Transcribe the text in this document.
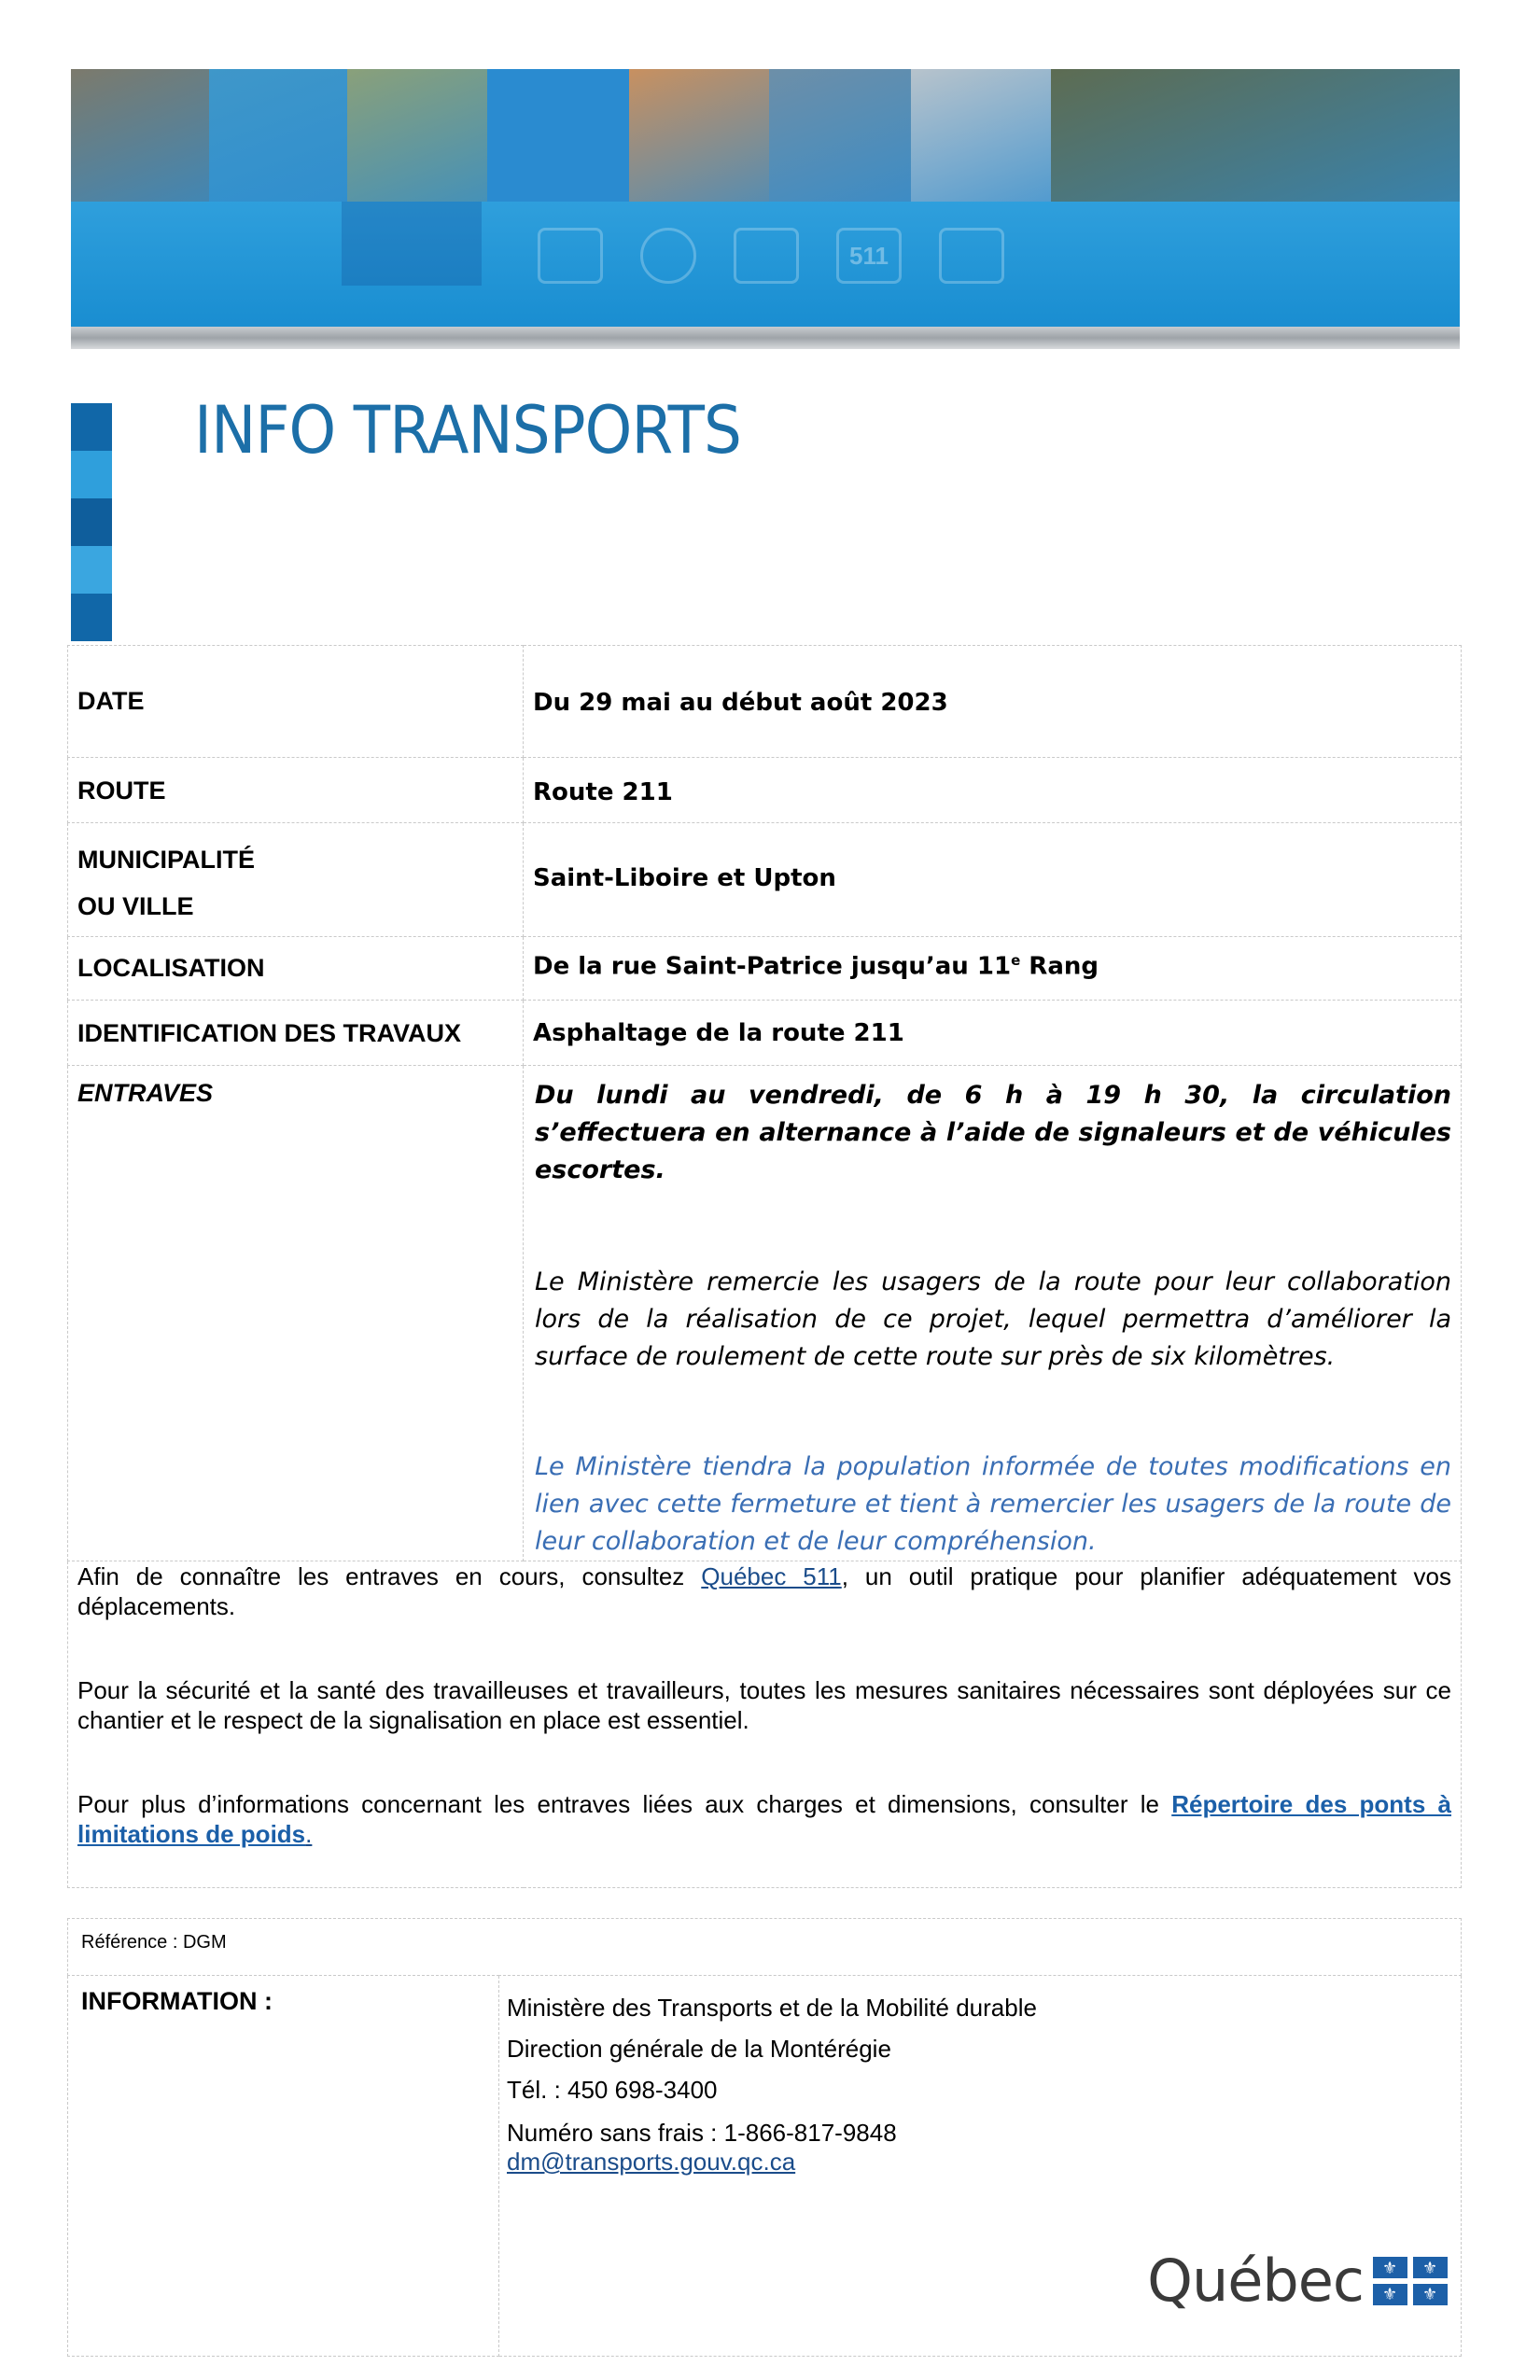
511
INFO TRANSPORTS
DATE	Du 29 mai au début août 2023
ROUTE	Route 211

MUNICIPALITÉ
OU VILLE	Saint-Liboire et Upton
LOCALISATION	De la rue Saint-Patrice jusqu’au 11e Rang
IDENTIFICATION DES TRAVAUX	Asphaltage de la route 211
ENTRAVES	Du lundi au vendredi, de 6 h à 19 h 30, la circulation s’effectuera en alternance à l’aide de signaleurs et de véhicules escortes.

Le Ministère remercie les usagers de la route pour leur collaboration lors de la réalisation de ce projet, lequel permettra d’améliorer la surface de roulement de cette route sur près de six kilomètres.

Le Ministère tiendra la population informée de toutes modifications en lien avec cette fermeture et tient à remercier les usagers de la route de leur collaboration et de leur compréhension.

Afin de connaître les entraves en cours, consultez Québec 511, un outil pratique pour planifier adéquatement vos déplacements.

Pour la sécurité et la santé des travailleuses et travailleurs, toutes les mesures sanitaires nécessaires sont déployées sur ce chantier et le respect de la signalisation en place est essentiel.

Pour plus d’informations concernant les entraves liées aux charges et dimensions, consulter le Répertoire des ponts à limitations de poids.	

Référence : DGM
INFORMATION :	Ministère des Transports et de la Mobilité durable
Direction générale de la Montérégie
Tél. : 450 698-3400
Numéro sans frais : 1-866-817-9848
dm@transports.gouv.qc.ca
Québec ⚜ ⚜
⚜ ⚜
